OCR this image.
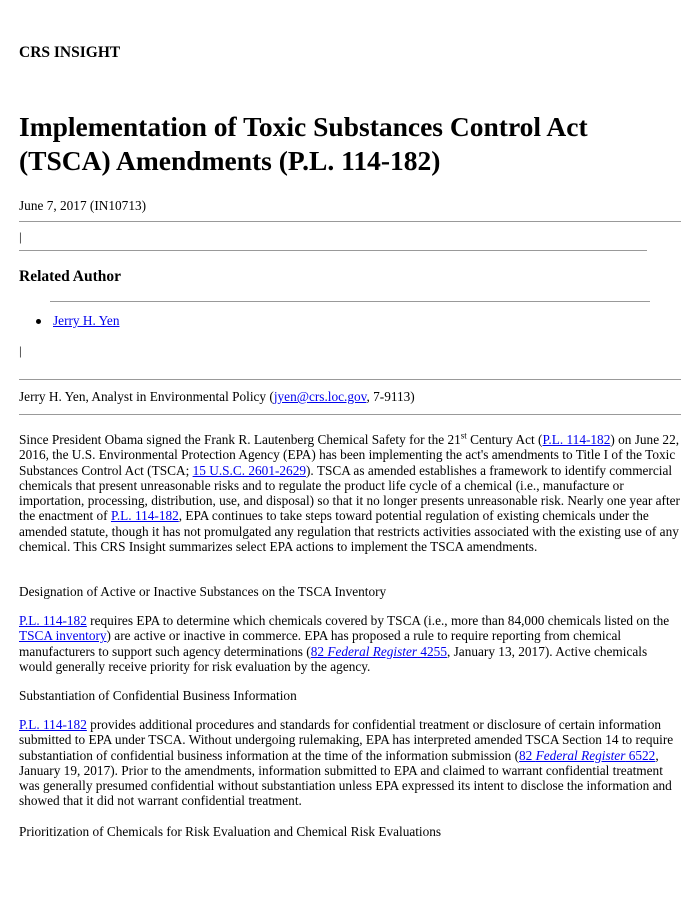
CRS INSIGHT
Implementation of Toxic Substances Control Act (TSCA) Amendments (P.L. 114-182)
June 7, 2017 (IN10713)
|
Related Author
Jerry H. Yen
|
Jerry H. Yen, Analyst in Environmental Policy (jyen@crs.loc.gov, 7-9113)

Since President Obama signed the Frank R. Lautenberg Chemical Safety for the 21st Century Act (P.L. 114-182) on June 22, 2016, the U.S. Environmental Protection Agency (EPA) has been implementing the act's amendments to Title I of the Toxic Substances Control Act (TSCA; 15 U.S.C. 2601-2629). TSCA as amended establishes a framework to identify commercial chemicals that present unreasonable risks and to regulate the product life cycle of a chemical (i.e., manufacture or importation, processing, distribution, use, and disposal) so that it no longer presents unreasonable risk. Nearly one year after the enactment of P.L. 114-182, EPA continues to take steps toward potential regulation of existing chemicals under the amended statute, though it has not promulgated any regulation that restricts activities associated with the existing use of any chemical. This CRS Insight summarizes select EPA actions to implement the TSCA amendments.

Designation of Active or Inactive Substances on the TSCA Inventory

P.L. 114-182 requires EPA to determine which chemicals covered by TSCA (i.e., more than 84,000 chemicals listed on the TSCA inventory) are active or inactive in commerce. EPA has proposed a rule to require reporting from chemical manufacturers to support such agency determinations (82 Federal Register 4255, January 13, 2017). Active chemicals would generally receive priority for risk evaluation by the agency.

Substantiation of Confidential Business Information

P.L. 114-182 provides additional procedures and standards for confidential treatment or disclosure of certain information submitted to EPA under TSCA. Without undergoing rulemaking, EPA has interpreted amended TSCA Section 14 to require substantiation of confidential business information at the time of the information submission (82 Federal Register 6522, January 19, 2017). Prior to the amendments, information submitted to EPA and claimed to warrant confidential treatment was generally presumed confidential without substantiation unless EPA expressed its intent to disclose the information and showed that it did not warrant confidential treatment.

Prioritization of Chemicals for Risk Evaluation and Chemical Risk Evaluations
